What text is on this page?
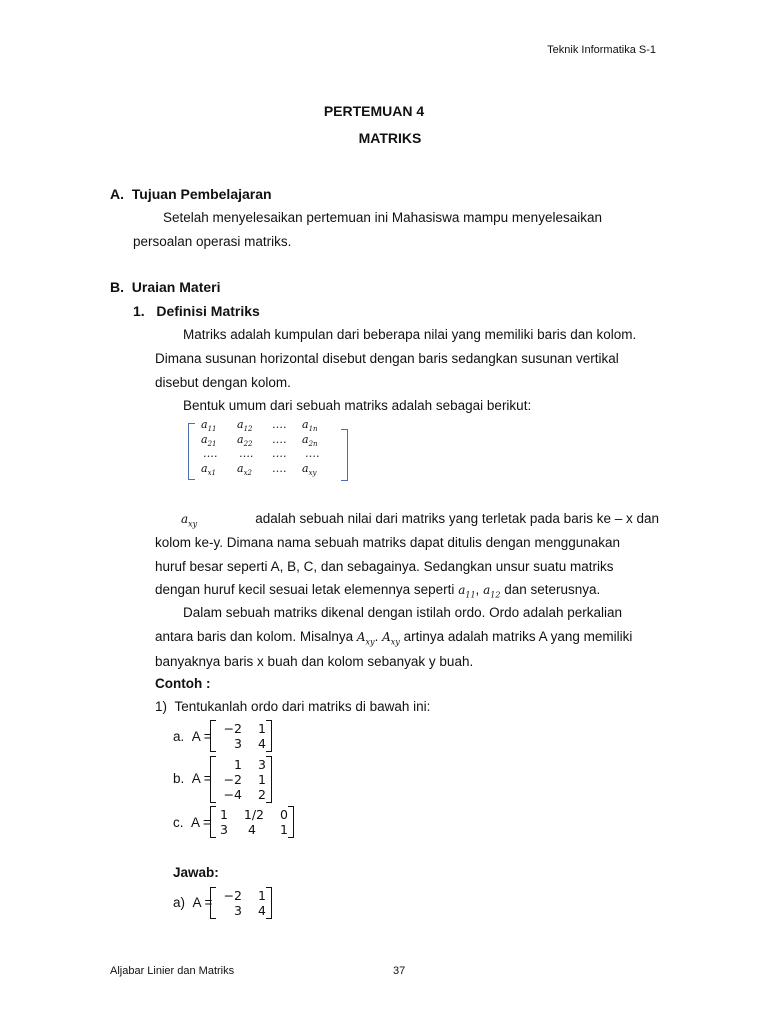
Teknik Informatika S-1
PERTEMUAN 4
MATRIKS
A.  Tujuan Pembelajaran
Setelah menyelesaikan pertemuan ini Mahasiswa mampu menyelesaikan
persoalan operasi matriks.
B.  Uraian Materi
1.   Definisi Matriks
Matriks adalah kumpulan dari beberapa nilai yang memiliki baris dan kolom.
Dimana susunan horizontal disebut dengan baris sedangkan susunan vertikal
disebut dengan kolom.
Bentuk umum dari sebuah matriks adalah sebagai berikut:
$a_{11}$ $a_{12}$ …. $a_{1n}$
$a_{21}$ $a_{22}$ …. $a_{2n}$
…. …. …. ….
$a_{x1}$ $a_{x2}$ …. $a_{xy}$
$a_{xy}$	adalah sebuah nilai dari matriks yang terletak pada baris ke – x dan
kolom ke-y. Dimana nama sebuah matriks dapat ditulis dengan menggunakan
huruf besar seperti A, B, C, dan sebagainya. Sedangkan unsur suatu matriks
dengan huruf kecil sesuai letak elemennya seperti $a_{11}$, $a_{12}$ dan seterusnya.
Dalam sebuah matriks dikenal dengan istilah ordo. Ordo adalah perkalian
antara baris dan kolom. Misalnya $A_{xy}$. $A_{xy}$ artinya adalah matriks A yang memiliki
banyaknya baris x buah dan kolom sebanyak y buah.
Contoh :
1)  Tentukanlah ordo dari matriks di bawah ini:
a.  A =
−2	1
3	4
b.  A =
1	3
−2	1
−4	2
c.  A =
1	1/2	0
3	4	1
Jawab:
a)  A = −2	1
3	4
Aljabar Linier dan Matriks	37
